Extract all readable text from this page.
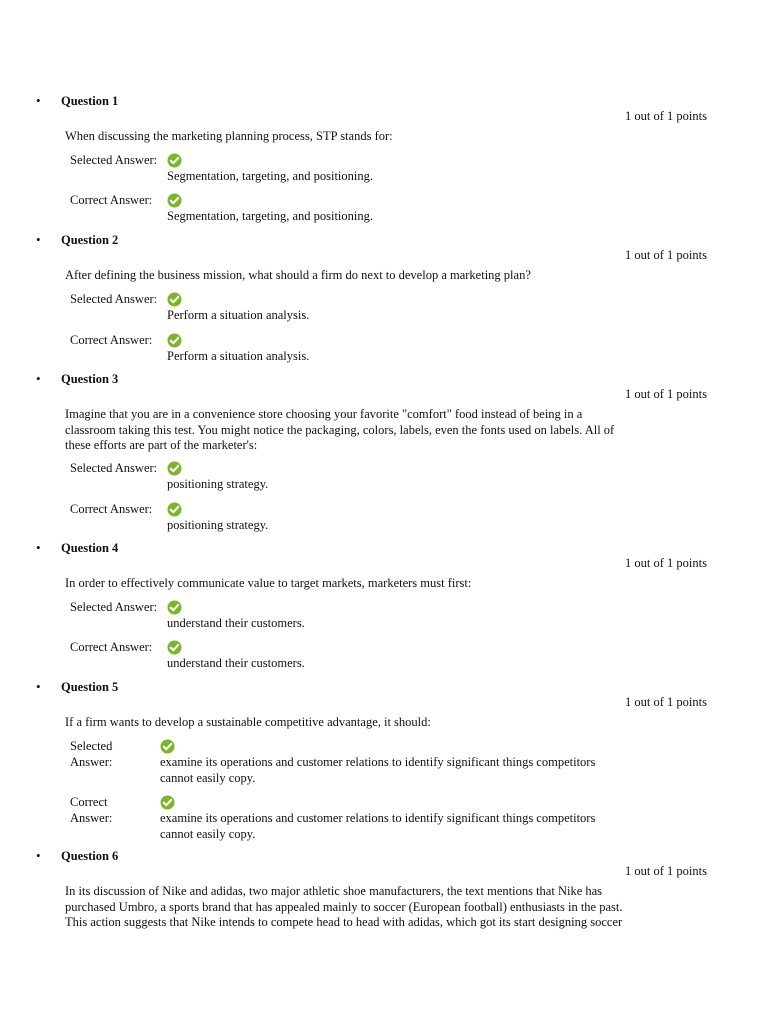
• Question 1
1 out of 1 points
When discussing the marketing planning process, STP stands for:
Selected Answer:
Segmentation, targeting, and positioning.
Correct Answer:
Segmentation, targeting, and positioning.
• Question 2
1 out of 1 points
After defining the business mission, what should a firm do next to develop a marketing plan?
Selected Answer:
Perform a situation analysis.
Correct Answer:
Perform a situation analysis.
• Question 3
1 out of 1 points
Imagine that you are in a convenience store choosing your favorite "comfort" food instead of being in a classroom taking this test. You might notice the packaging, colors, labels, even the fonts used on labels. All of these efforts are part of the marketer's:
Selected Answer:
positioning strategy.
Correct Answer:
positioning strategy.
• Question 4
1 out of 1 points
In order to effectively communicate value to target markets, marketers must first:
Selected Answer:
understand their customers.
Correct Answer:
understand their customers.
• Question 5
1 out of 1 points
If a firm wants to develop a sustainable competitive advantage, it should:
Selected Answer:	examine its operations and customer relations to identify significant things competitors cannot easily copy.
Correct Answer:	examine its operations and customer relations to identify significant things competitors cannot easily copy.
• Question 6
1 out of 1 points
In its discussion of Nike and adidas, two major athletic shoe manufacturers, the text mentions that Nike has purchased Umbro, a sports brand that has appealed mainly to soccer (European football) enthusiasts in the past. This action suggests that Nike intends to compete head to head with adidas, which got its start designing soccer
